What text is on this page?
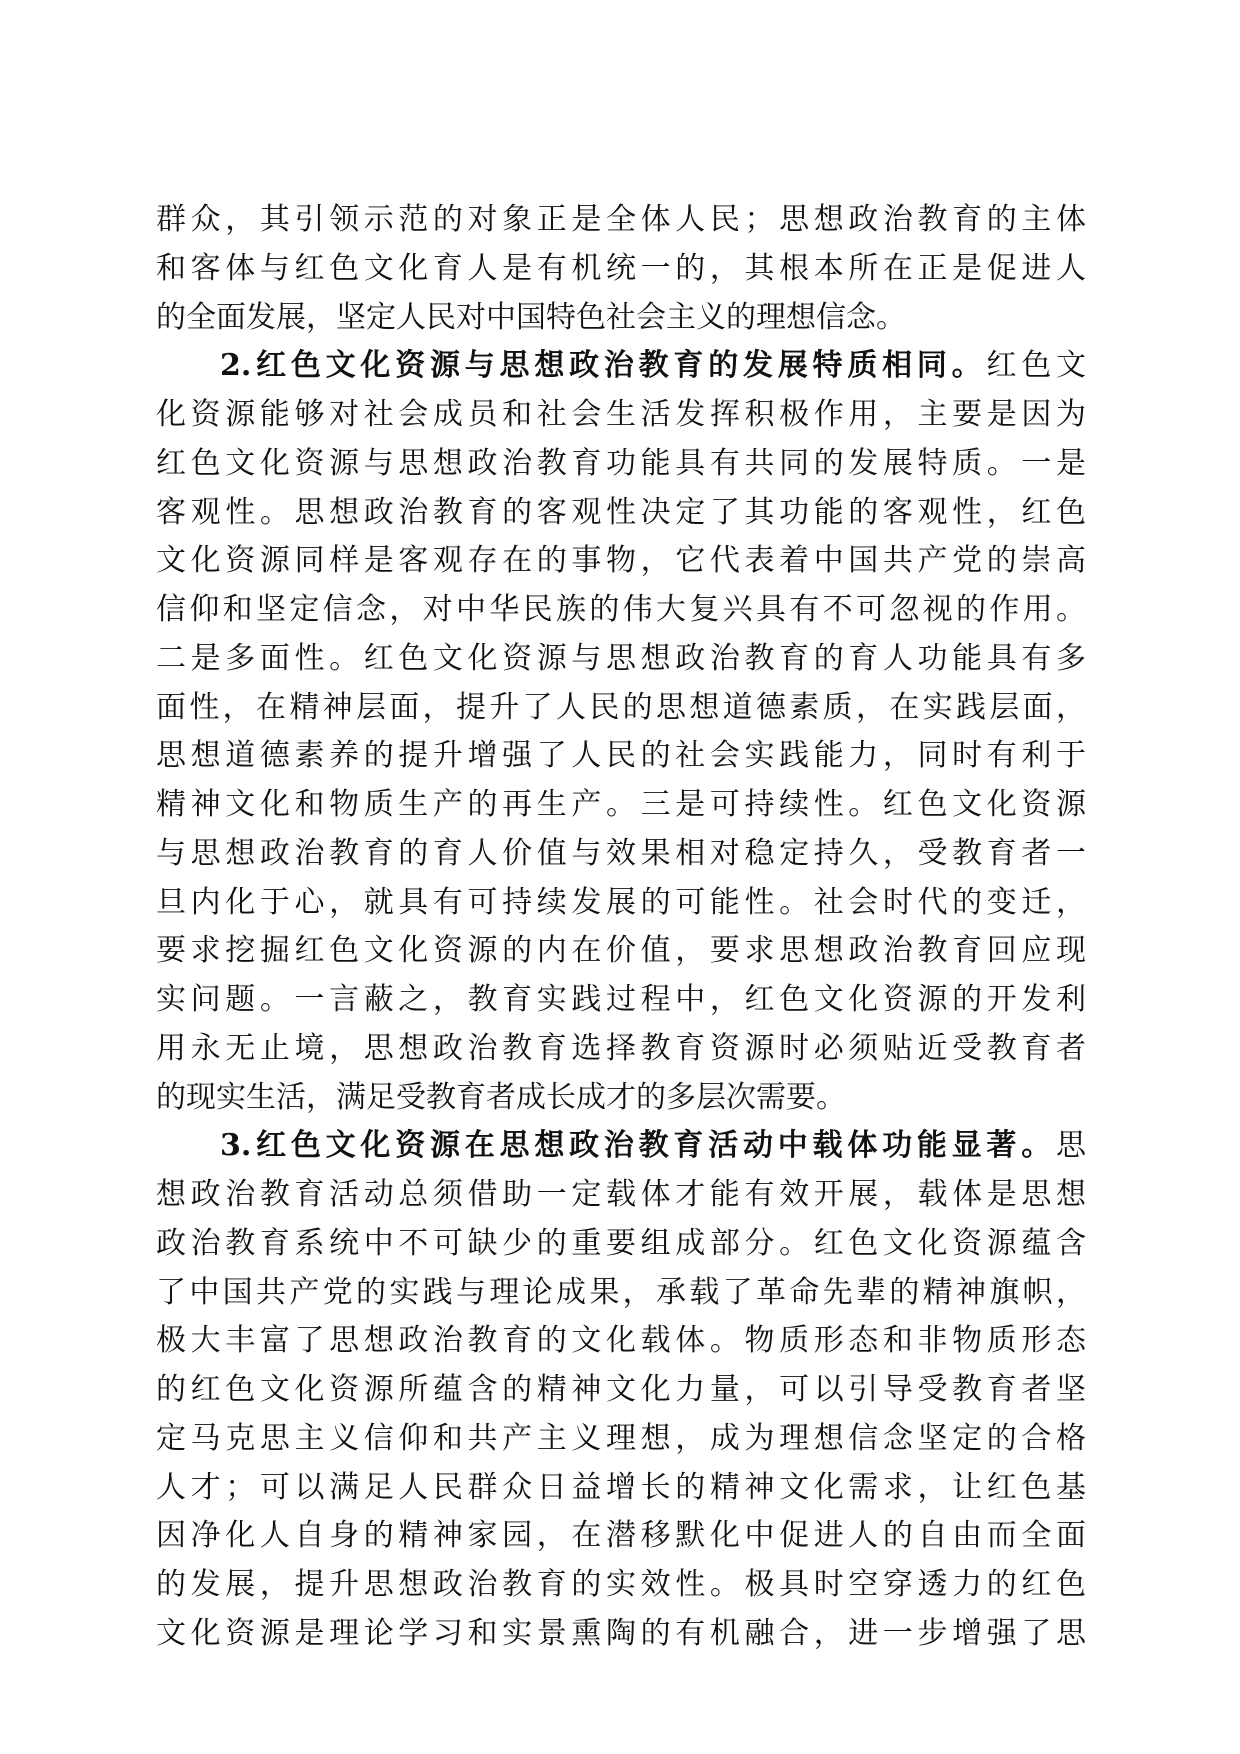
群众，其引领示范的对象正是全体人民；思想政治教育的主体
和客体与红色文化育人是有机统一的，其根本所在正是促进人
的全面发展，坚定人民对中国特色社会主义的理想信念。
2.红色文化资源与思想政治教育的发展特质相同。红色文
化资源能够对社会成员和社会生活发挥积极作用，主要是因为
红色文化资源与思想政治教育功能具有共同的发展特质。一是
客观性。思想政治教育的客观性决定了其功能的客观性，红色
文化资源同样是客观存在的事物，它代表着中国共产党的崇高
信仰和坚定信念，对中华民族的伟大复兴具有不可忽视的作用。
二是多面性。红色文化资源与思想政治教育的育人功能具有多
面性，在精神层面，提升了人民的思想道德素质，在实践层面，
思想道德素养的提升增强了人民的社会实践能力，同时有利于
精神文化和物质生产的再生产。三是可持续性。红色文化资源
与思想政治教育的育人价值与效果相对稳定持久，受教育者一
旦内化于心，就具有可持续发展的可能性。社会时代的变迁，
要求挖掘红色文化资源的内在价值，要求思想政治教育回应现
实问题。一言蔽之，教育实践过程中，红色文化资源的开发利
用永无止境，思想政治教育选择教育资源时必须贴近受教育者
的现实生活，满足受教育者成长成才的多层次需要。
3.红色文化资源在思想政治教育活动中载体功能显著。思
想政治教育活动总须借助一定载体才能有效开展，载体是思想
政治教育系统中不可缺少的重要组成部分。红色文化资源蕴含
了中国共产党的实践与理论成果，承载了革命先辈的精神旗帜，
极大丰富了思想政治教育的文化载体。物质形态和非物质形态
的红色文化资源所蕴含的精神文化力量，可以引导受教育者坚
定马克思主义信仰和共产主义理想，成为理想信念坚定的合格
人才；可以满足人民群众日益增长的精神文化需求，让红色基
因净化人自身的精神家园，在潜移默化中促进人的自由而全面
的发展，提升思想政治教育的实效性。极具时空穿透力的红色
文化资源是理论学习和实景熏陶的有机融合，进一步增强了思
